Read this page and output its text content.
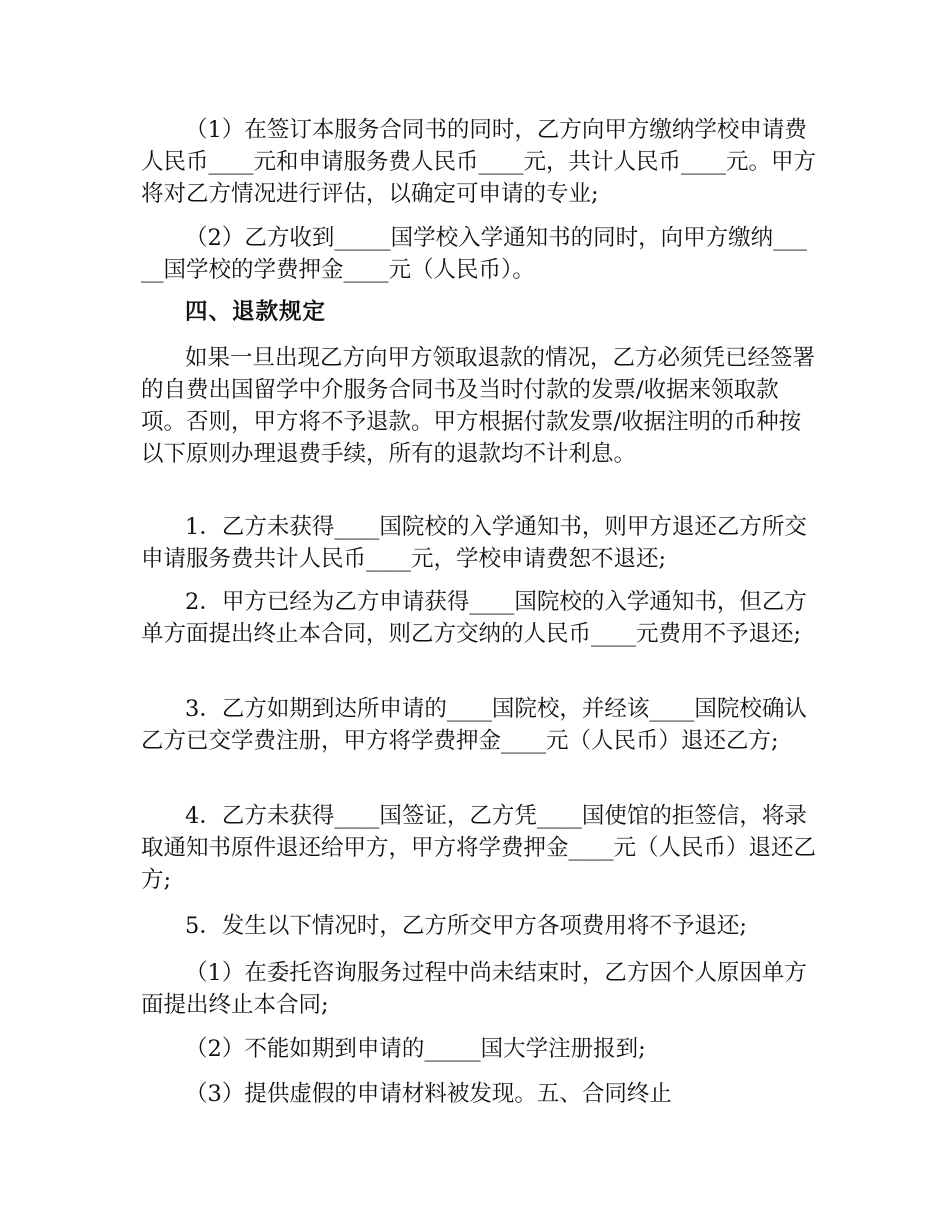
（1）在签订本服务合同书的同时，乙方向甲方缴纳学校申请费人民币____元和申请服务费人民币____元，共计人民币____元。甲方将对乙方情况进行评估，以确定可申请的专业;
（2）乙方收到_____国学校入学通知书的同时，向甲方缴纳_____国学校的学费押金____元（人民币）。
四、退款规定
如果一旦出现乙方向甲方领取退款的情况，乙方必须凭已经签署的自费出国留学中介服务合同书及当时付款的发票/收据来领取款项。否则，甲方将不予退款。甲方根据付款发票/收据注明的币种按以下原则办理退费手续，所有的退款均不计利息。
1．乙方未获得____国院校的入学通知书，则甲方退还乙方所交申请服务费共计人民币____元，学校申请费恕不退还;
2．甲方已经为乙方申请获得____国院校的入学通知书，但乙方单方面提出终止本合同，则乙方交纳的人民币____元费用不予退还;
3．乙方如期到达所申请的____国院校，并经该____国院校确认乙方已交学费注册，甲方将学费押金____元（人民币）退还乙方;
4．乙方未获得____国签证，乙方凭____国使馆的拒签信，将录取通知书原件退还给甲方，甲方将学费押金____元（人民币）退还乙方;
5．发生以下情况时，乙方所交甲方各项费用将不予退还;
（1）在委托咨询服务过程中尚未结束时，乙方因个人原因单方面提出终止本合同;
（2）不能如期到申请的_____国大学注册报到;
（3）提供虚假的申请材料被发现。五、合同终止
